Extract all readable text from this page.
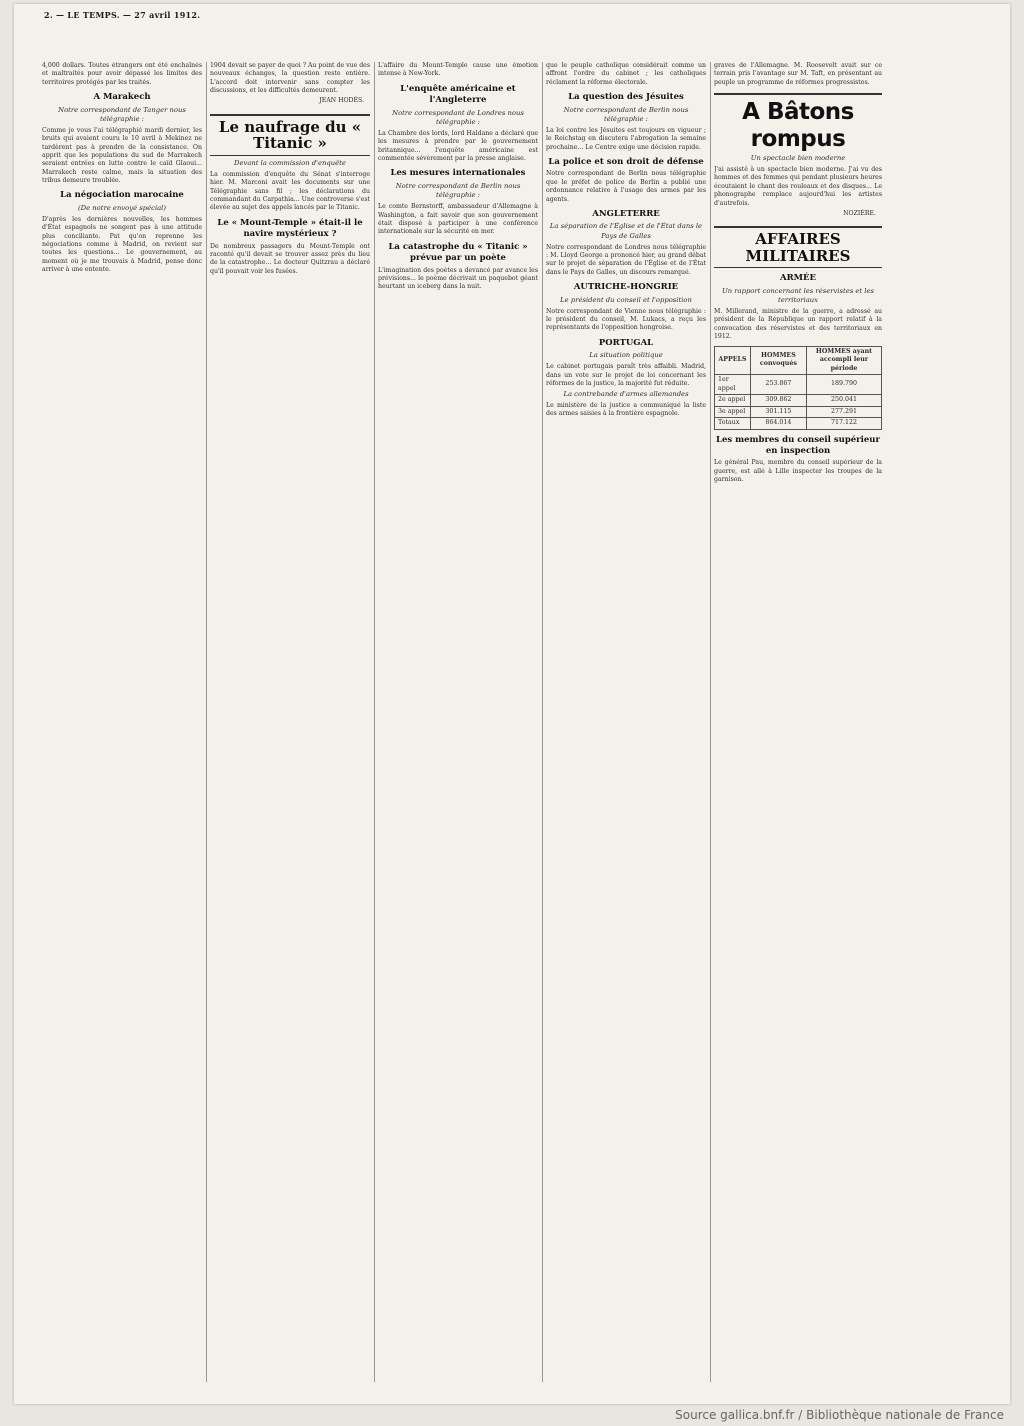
2. — LE TEMPS. — 27 avril 1912.
4,000 dollars. Toutes étrangers ont été enchaînés et maltraités pour avoir dépassé les limites des territoires protégés par les traités.
A Marakech
Notre correspondant de Tanger nous télégraphie :
Comme je vous l'ai télégraphié mardi dernier, les bruits qui avaient couru le 10 avril à Mekinez ne tardèrent pas à prendre de la consistance. On apprit que les populations du sud de Marrakech seraient entrées en lutte contre le caïd Glaoui... Marrakech reste calme, mais la situation des tribus demeure troublée.
La négociation marocaine
(De notre envoyé spécial)
D'après les dernières nouvelles, les hommes d'État espagnols ne songent pas à une attitude plus conciliante. Pat qu'on reprenne les négociations comme à Madrid, on revient sur toutes les questions... Le gouvernement, au moment où je me trouvais à Madrid, pense donc arriver à une entente.
1904 devait se payer de quoi ? Au point de vue des nouveaux échanges, la question reste entière. L'accord doit intervenir sans compter les discussions, et les difficultés demeurent.
JEAN HODÉS.
Le naufrage du « Titanic »
Devant la commission d'enquête
La commission d'enquête du Sénat s'interroge hier. M. Marconi avait les documents sur une Télégraphie sans fil ; les déclarations du commandant du Carpathia... Une controverse s'est élevée au sujet des appels lancés par le Titanic.
Le « Mount-Temple » était-il le navire mystérieux ?
De nombreux passagers du Mount-Temple ont raconté qu'il devait se trouver assez près du lieu de la catastrophe... Le docteur Quitzrau a déclaré qu'il pouvait voir les fusées.
L'affaire du Mount-Temple cause une émotion intense à New-York.
L'enquête américaine et l'Angleterre
Notre correspondant de Londres nous télégraphie :
La Chambre des lords, lord Haldane a déclaré que les mesures à prendre par le gouvernement britannique... l'enquête américaine est commentée sévèrement par la presse anglaise.
Les mesures internationales
Notre correspondant de Berlin nous télégraphie :
Le comte Bernstorff, ambassadeur d'Allemagne à Washington, a fait savoir que son gouvernement était disposé à participer à une conférence internationale sur la sécurité en mer.
La catastrophe du « Titanic » prévue par un poète
L'imagination des poètes a devancé par avance les prévisions... le poème décrivait un paquebot géant heurtant un iceberg dans la nuit.
que le peuple catholique considérait comme un affront l'ordre du cabinet ; les catholiques réclament la réforme électorale.
La question des Jésuites
Notre correspondant de Berlin nous télégraphie :
La loi contre les Jésuites est toujours en vigueur ; le Reichstag en discutera l'abrogation la semaine prochaine... Le Centre exige une décision rapide.
La police et son droit de défense
Notre correspondant de Berlin nous télégraphie que le préfet de police de Berlin a publié une ordonnance relative à l'usage des armes par les agents.
ANGLETERRE
La séparation de l'Église et de l'État dans le Pays de Galles
Notre correspondant de Londres nous télégraphie : M. Lloyd George a prononcé hier, au grand débat sur le projet de séparation de l'Église et de l'État dans le Pays de Galles, un discours remarqué.
AUTRICHE-HONGRIE
Le président du conseil et l'opposition
Notre correspondant de Vienne nous télégraphie : le président du conseil, M. Lukacs, a reçu les représentants de l'opposition hongroise.
PORTUGAL
La situation politique
Le cabinet portugais paraît très affaibli. Madrid, dans un vote sur le projet de loi concernant les réformes de la justice, la majorité fut réduite.
La contrebande d'armes allemandes
Le ministère de la justice a communiqué la liste des armes saisies à la frontière espagnole.
graves de l'Allemagne. M. Roosevelt avait sur ce terrain pris l'avantage sur M. Taft, en présentant au peuple un programme de réformes progressistes.
A Bâtons rompus
Un spectacle bien moderne
J'ai assisté à un spectacle bien moderne. J'ai vu des hommes et des femmes qui pendant plusieurs heures écoutaient le chant des rouleaux et des disques... Le phonographe remplace aujourd'hui les artistes d'autrefois.
NOZIÈRE.
AFFAIRES MILITAIRES
ARMÉE
Un rapport concernant les réservistes et les territoriaux
M. Millerand, ministre de la guerre, a adressé au président de la République un rapport relatif à la convocation des réservistes et des territoriaux en 1912.
APPELS	HOMMES convoqués	HOMMES ayant accompli leur période
1er appel	253.867	189.790
2e appel	309.862	250.041
3e appel	301.115	277.291
Totaux	864.014	717.122
Les membres du conseil supérieur en inspection
Le général Pau, membre du conseil supérieur de la guerre, est allé à Lille inspecter les troupes de la garnison.
Source gallica.bnf.fr / Bibliothèque nationale de France
